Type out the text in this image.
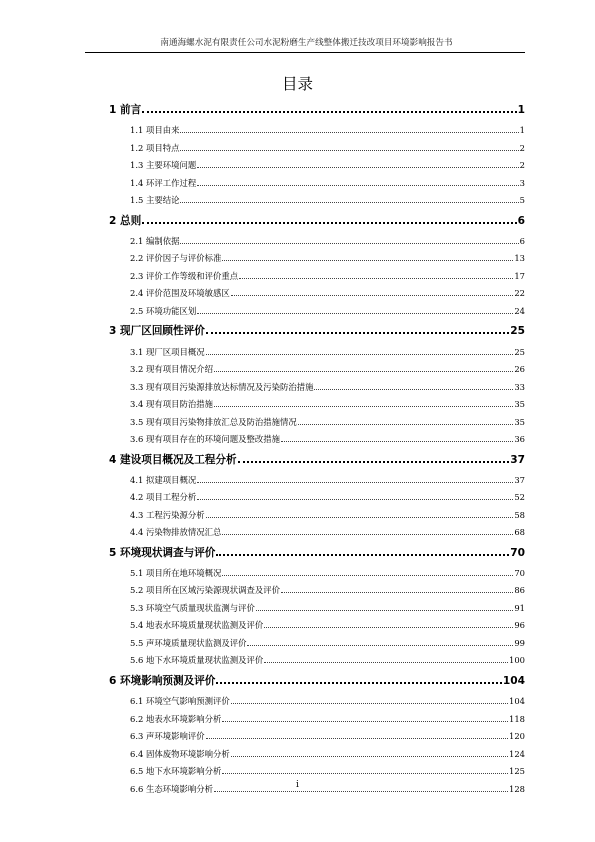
南通海螺水泥有限责任公司水泥粉磨生产线整体搬迁技改项目环境影响报告书
目录
1 前言	1
1.1 项目由来	1
1.2 项目特点	2
1.3 主要环境问题	2
1.4 环评工作过程	3
1.5 主要结论	5
2 总则	6
2.1 编制依据	6
2.2 评价因子与评价标准	13
2.3 评价工作等级和评价重点	17
2.4 评价范围及环境敏感区	22
2.5 环境功能区划	24
3 现厂区回顾性评价	25
3.1 现厂区项目概况	25
3.2 现有项目情况介绍	26
3.3 现有项目污染源排放达标情况及污染防治措施	33
3.4 现有项目防治措施	35
3.5 现有项目污染物排放汇总及防治措施情况	35
3.6 现有项目存在的环境问题及整改措施	36
4 建设项目概况及工程分析	37
4.1 拟建项目概况	37
4.2 项目工程分析	52
4.3 工程污染源分析	58
4.4 污染物排放情况汇总	68
5 环境现状调查与评价	70
5.1 项目所在地环境概况	70
5.2 项目所在区域污染源现状调查及评价	86
5.3 环境空气质量现状监测与评价	91
5.4 地表水环境质量现状监测及评价	96
5.5 声环境质量现状监测及评价	99
5.6 地下水环境质量现状监测及评价	100
6 环境影响预测及评价	104
6.1 环境空气影响预测评价	104
6.2 地表水环境影响分析	118
6.3 声环境影响评价	120
6.4 固体废物环境影响分析	124
6.5 地下水环境影响分析	125
6.6 生态环境影响分析	128
i
